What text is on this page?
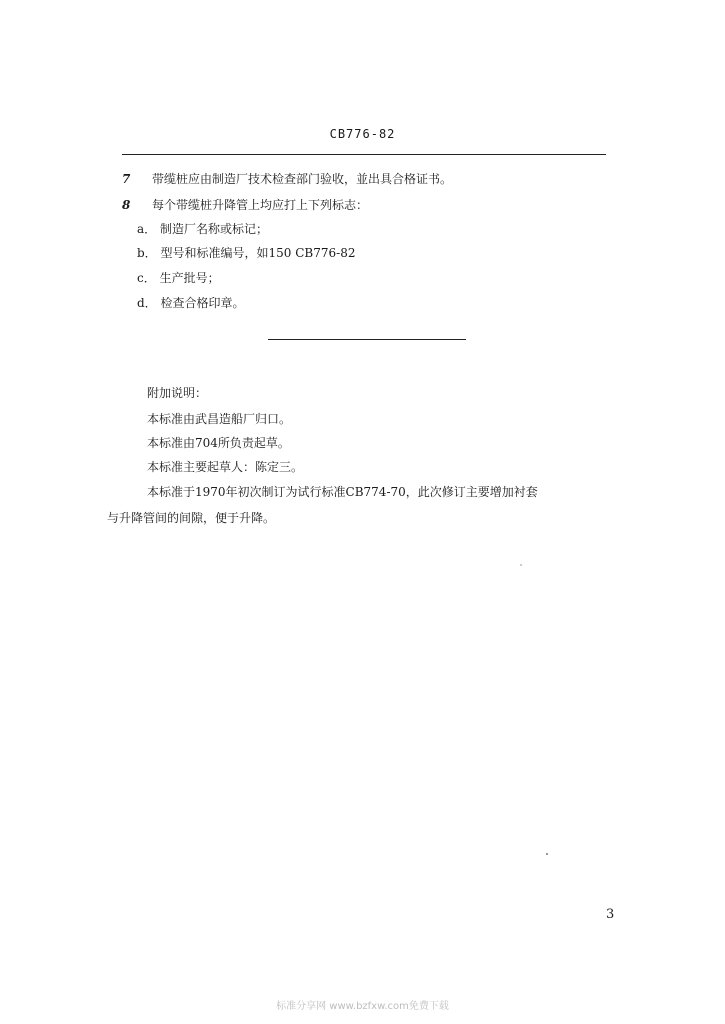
CB776-82
7 带缆桩应由制造厂技术检查部门验收，並出具合格证书。
8 每个带缆桩升降管上均应打上下列标志：
a． 制造厂名称或标记；
b． 型号和标准编号，如150 CB776-82
c． 生产批号；
d． 检查合格印章。
附加说明：
本标准由武昌造船厂归口。
本标准由704所负责起草。
本标准主要起草人：陈定三。
本标准于1970年初次制订为试行标准CB774-70，此次修订主要增加衬套
与升降管间的间隙，便于升降。
3
标准分享网 www.bzfxw.com免费下载
